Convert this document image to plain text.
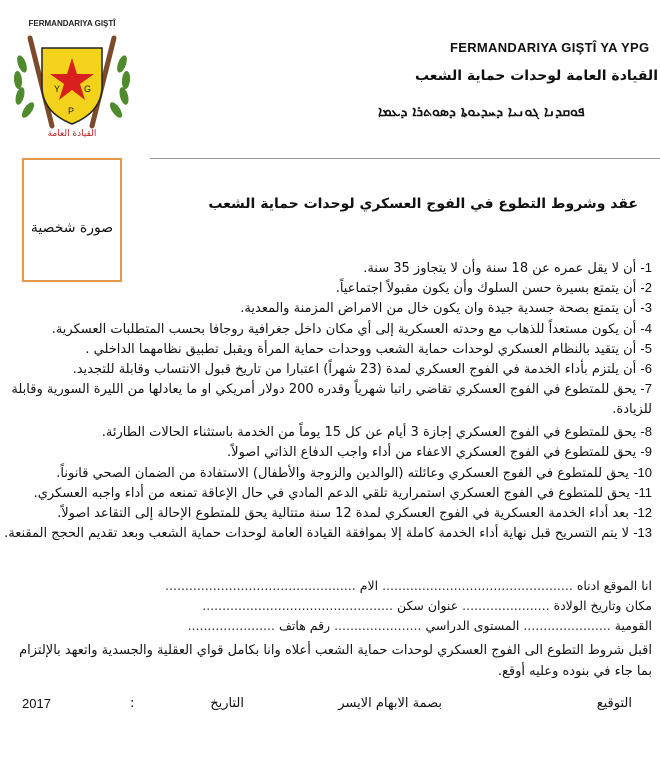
Y
P
G
FERMANDARIYA GIŞTÎ
القيادة العامة
FERMANDARIYA GIŞTÎ YA YPG
القيادة العامة لوحدات حماية الشعب
ܦܘܩܕܢܐ ܓܘܢܝܐ ܕܚܕܝܘܬܐ ܕܣܘܬܪܐ ܕܥܡܐ
صورة شخصية
عقد وشروط التطوع في الفوج العسكري لوحدات حماية الشعب
1- أن لا يقل عمره عن 18 سنة وأن لا يتجاوز 35 سنة.
2- أن يتمتع بسيرة حسن السلوك وأن يكون مقبولاً اجتماعياً.
3- أن يتمتع بصحة جسدية جيدة وان يكون خال من الامراض المزمنة والمعدية.
4- أن يكون مستعداً للذهاب مع وحدته العسكرية إلى أي مكان داخل جغرافية روجافا بحسب المتطلبات العسكرية.
5- أن يتقيد بالنظام العسكري لوحدات حماية الشعب ووحدات حماية المرأة ويقبل تطبيق نظامهما الداخلي .
6- أن يلتزم بأداء الخدمة في الفوج العسكري لمدة (23 شهراً) اعتبارا من تاريخ قبول الانتساب وقابلة للتجديد.
7- يحق للمتطوع في الفوج العسكري تقاضي راتبا شهرياً وقدره 200 دولار أمريكي او ما يعادلها من الليرة السورية وقابلة للزيادة.
8- يحق للمتطوع في الفوج العسكري إجازة 3 أيام عن كل 15 يوماً من الخدمة باستثناء الحالات الطارئة.
9- يحق للمتطوع في الفوج العسكري الاعفاء من أداء واجب الدفاع الذاتي اصولاً.
10- يحق للمتطوع في الفوج العسكري وعائلته (الوالدين والزوجة والأطفال) الاستفادة من الضمان الصحي قانوناً.
11- يحق للمتطوع في الفوج العسكري استمرارية تلقي الدعم المادي في حال الإعاقة تمنعه من أداء واجبه العسكري.
12- بعد أداء الخدمة العسكرية في الفوج العسكري لمدة 12 سنة متتالية يحق للمتطوع الإحالة إلى التقاعد اصولاً.
13- لا يتم التسريح قبل نهاية أداء الخدمة كاملة إلا بموافقة القيادة العامة لوحدات حماية الشعب وبعد تقديم الحجج المقنعة.
انا الموقع ادناه ................................................ الام ................................................
مكان وتاريخ الولادة ...................... عنوان سكن ................................................
القومية ...................... المستوى الدراسي ...................... رقم هاتف ......................
اقبل شروط التطوع الى الفوج العسكري لوحدات حماية الشعب أعلاه وانا بكامل قواي العقلية والجسدية واتعهد بالإلتزام بما جاء في بنوده وعليه أوقع.
التوقيع
بصمة الابهام الايسر
التاريخ
:
2017
